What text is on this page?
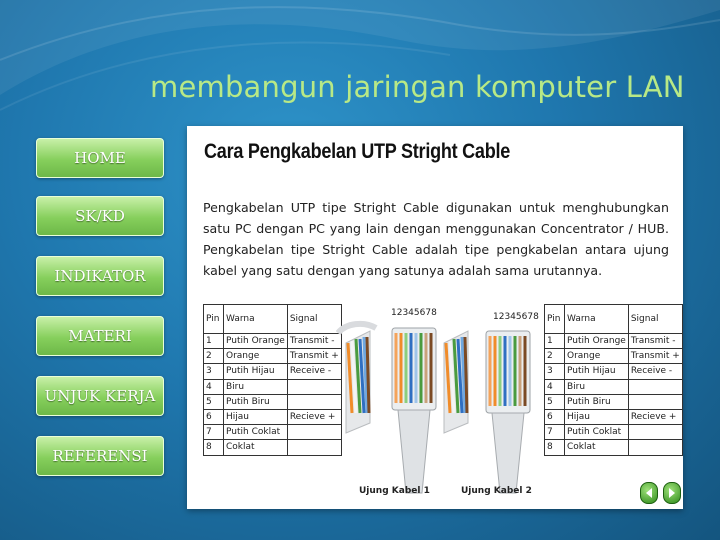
membangun jaringan komputer LAN
HOME
SK/KD
INDIKATOR
MATERI
UNJUK KERJA
REFERENSI
Cara Pengkabelan UTP Stright Cable
Pengkabelan UTP tipe Stright Cable digunakan untuk menghubungkan satu PC dengan PC yang lain dengan menggunakan Concentrator / HUB. Pengkabelan tipe Stright Cable adalah tipe pengkabelan antara ujung kabel yang satu dengan yang satunya adalah sama urutannya.
Pin	Warna	Signal
1	Putih Orange	Transmit -
2	Orange	Transmit +
3	Putih Hijau	Receive -
4	Biru	
5	Putih Biru	
6	Hijau	Recieve +
7	Putih Coklat	
8	Coklat	
12345678	12345678
Ujung Kabel 1	Ujung Kabel 2
Pin	Warna	Signal
1	Putih Orange	Transmit -
2	Orange	Transmit +
3	Putih Hijau	Receive -
4	Biru	
5	Putih Biru	
6	Hijau	Recieve +
7	Putih Coklat	
8	Coklat	
